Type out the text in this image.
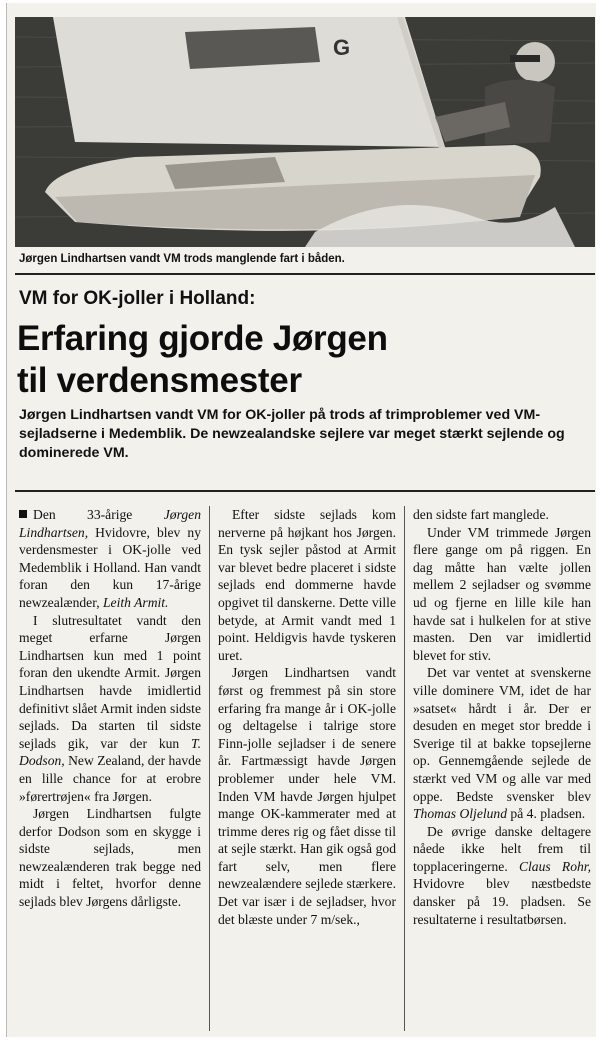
G
Jørgen Lindhartsen vandt VM trods manglende fart i båden.
VM for OK-joller i Holland:
Erfaring gjorde Jørgen
til verdensmester
Jørgen Lindhartsen vandt VM for OK-joller på trods af trimproblemer ved VM-sejladserne i Medemblik. De newzealandske sejlere var meget stærkt sejlende og dominerede VM.

Den 33-årige Jørgen Lindhartsen, Hvidovre, blev ny verdensmester i OK-jolle ved Medemblik i Holland. Han vandt foran den kun 17-årige newzealænder, Leith Armit.

I slutresultatet vandt den meget erfarne Jørgen Lindhartsen kun med 1 point foran den ukendte Armit. Jørgen Lindhartsen havde imidlertid definitivt slået Armit inden sidste sejlads. Da starten til sidste sejlads gik, var der kun T. Dodson, New Zealand, der havde en lille chance for at erobre »førertrøjen« fra Jørgen.

Jørgen Lindhartsen fulgte derfor Dodson som en skygge i sidste sejlads, men newzealænderen trak begge ned midt i feltet, hvorfor denne sejlads blev Jørgens dårligste.

Efter sidste sejlads kom nerverne på højkant hos Jørgen. En tysk sejler påstod at Armit var blevet bedre placeret i sidste sejlads end dommerne havde opgivet til danskerne. Dette ville betyde, at Armit vandt med 1 point. Heldigvis havde tyskeren uret.

Jørgen Lindhartsen vandt først og fremmest på sin store erfaring fra mange år i OK-jolle og deltagelse i talrige store Finn-jolle sejladser i de senere år. Fartmæssigt havde Jørgen problemer under hele VM. Inden VM havde Jørgen hjulpet mange OK-kammerater med at trimme deres rig og fået disse til at sejle stærkt. Han gik også god fart selv, men flere newzealændere sejlede stærkere. Det var især i de sejladser, hvor det blæste under 7 m/sek.,

den sidste fart manglede.

Under VM trimmede Jørgen flere gange om på riggen. En dag måtte han vælte jollen mellem 2 sejladser og svømme ud og fjerne en lille kile han havde sat i hulkelen for at stive masten. Den var imidlertid blevet for stiv.

Det var ventet at svenskerne ville dominere VM, idet de har »satset« hårdt i år. Der er desuden en meget stor bredde i Sverige til at bakke topsejlerne op. Gennemgående sejlede de stærkt ved VM og alle var med oppe. Bedste svensker blev Thomas Oljelund på 4. pladsen.

De øvrige danske deltagere nåede ikke helt frem til topplaceringerne. Claus Rohr, Hvidovre blev næstbedste dansker på 19. pladsen. Se resultaterne i resultatbørsen.
